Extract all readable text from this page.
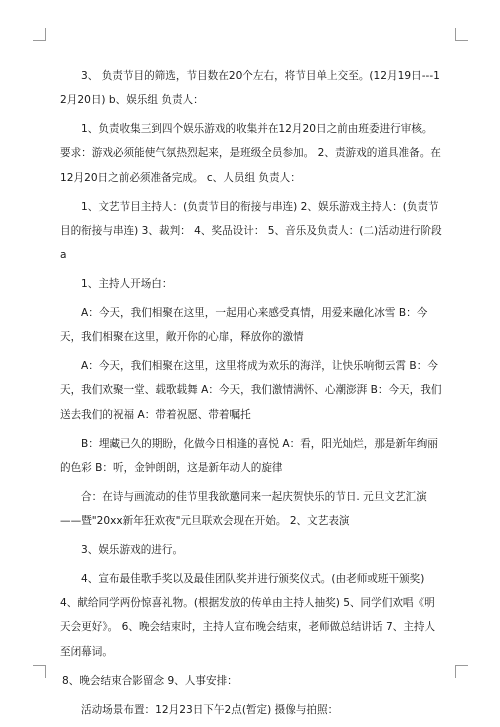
3、 负责节目的筛选，节目数在20个左右，将节目单上交至。(12月19日---12月20日) b、娱乐组 负责人：

1、负责收集三到四个娱乐游戏的收集并在12月20日之前由班委进行审核。 要求：游戏必须能使气氛热烈起来，是班级全员参加。 2、责游戏的道具准备。在12月20日之前必须准备完成。 c、人员组 负责人：

1、文艺节目主持人：(负责节目的衔接与串连) 2、娱乐游戏主持人：(负责节目的衔接与串连) 3、裁判： 4、奖品设计： 5、音乐及负责人：(二)活动进行阶段 a

1、主持人开场白：

A：今天，我们相聚在这里，一起用心来感受真情，用爱来融化冰雪 B：今天，我们相聚在这里，敞开你的心扉，释放你的激情

A：今天，我们相聚在这里，这里将成为欢乐的海洋，让快乐响彻云霄 B：今天，我们欢聚一堂、载歌载舞 A：今天，我们激情满怀、心潮澎湃 B：今天，我们送去我们的祝福 A：带着祝愿、带着嘱托

B：埋藏已久的期盼，化做今日相逢的喜悦 A：看，阳光灿烂，那是新年绚丽的色彩 B：听，金钟朗朗，这是新年动人的旋律

合：在诗与画流动的佳节里我欲邀同来一起庆贺快乐的节日. 元旦文艺汇演——暨"20xx新年狂欢夜"元旦联欢会现在开始。 2、文艺表演

3、娱乐游戏的进行。

4、宣布最佳歌手奖以及最佳团队奖并进行颁奖仪式。(由老师或班干颁奖) 4、献给同学两份惊喜礼物。(根据发放的传单由主持人抽奖) 5、同学们欢唱《明天会更好》。 6、晚会结束时，主持人宣布晚会结束，老师做总结讲话 7、主持人至闭幕词。

8、晚会结束合影留念 9、人事安排：

活动场景布置：12月23日下午2点(暂定) 摄像与拍照：
